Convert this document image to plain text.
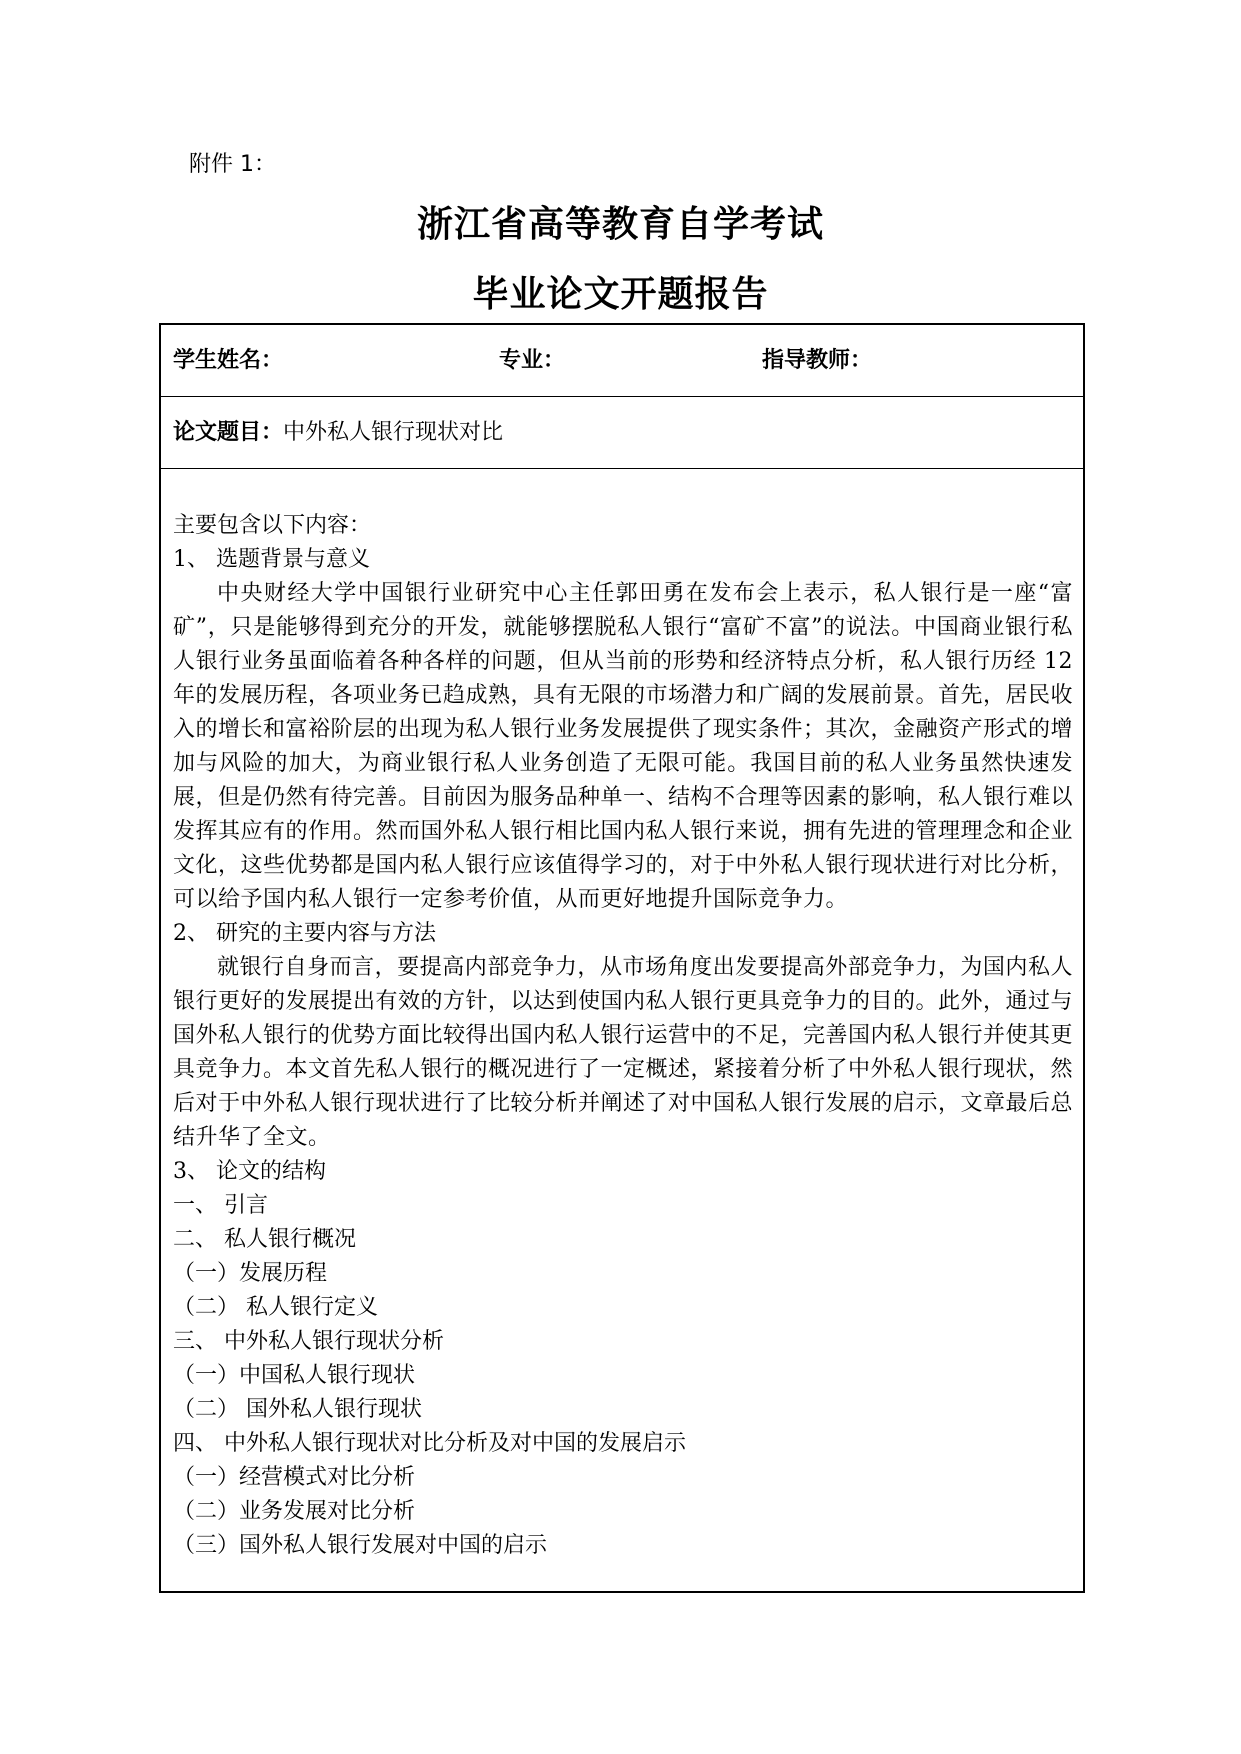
附件 1：
浙江省高等教育自学考试
毕业论文开题报告
学生姓名：	专业：	指导教师：
论文题目：中外私人银行现状对比
主要包含以下内容：
1、 选题背景与意义
中央财经大学中国银行业研究中心主任郭田勇在发布会上表示，私人银行是一座“富矿”，只是能够得到充分的开发，就能够摆脱私人银行“富矿不富”的说法。中国商业银行私人银行业务虽面临着各种各样的问题，但从当前的形势和经济特点分析，私人银行历经 12 年的发展历程，各项业务已趋成熟，具有无限的市场潜力和广阔的发展前景。首先，居民收入的增长和富裕阶层的出现为私人银行业务发展提供了现实条件；其次，金融资产形式的增加与风险的加大，为商业银行私人业务创造了无限可能。我国目前的私人业务虽然快速发展，但是仍然有待完善。目前因为服务品种单一、结构不合理等因素的影响，私人银行难以发挥其应有的作用。然而国外私人银行相比国内私人银行来说，拥有先进的管理理念和企业文化，这些优势都是国内私人银行应该值得学习的，对于中外私人银行现状进行对比分析，可以给予国内私人银行一定参考价值，从而更好地提升国际竞争力。
2、 研究的主要内容与方法
就银行自身而言，要提高内部竞争力，从市场角度出发要提高外部竞争力，为国内私人银行更好的发展提出有效的方针，以达到使国内私人银行更具竞争力的目的。此外，通过与国外私人银行的优势方面比较得出国内私人银行运营中的不足，完善国内私人银行并使其更具竞争力。本文首先私人银行的概况进行了一定概述，紧接着分析了中外私人银行现状，然后对于中外私人银行现状进行了比较分析并阐述了对中国私人银行发展的启示，文章最后总结升华了全文。
3、 论文的结构
一、 引言
二、 私人银行概况
（一）发展历程
（二） 私人银行定义
三、 中外私人银行现状分析
（一）中国私人银行现状
（二） 国外私人银行现状
四、 中外私人银行现状对比分析及对中国的发展启示
（一）经营模式对比分析
（二）业务发展对比分析
（三）国外私人银行发展对中国的启示
